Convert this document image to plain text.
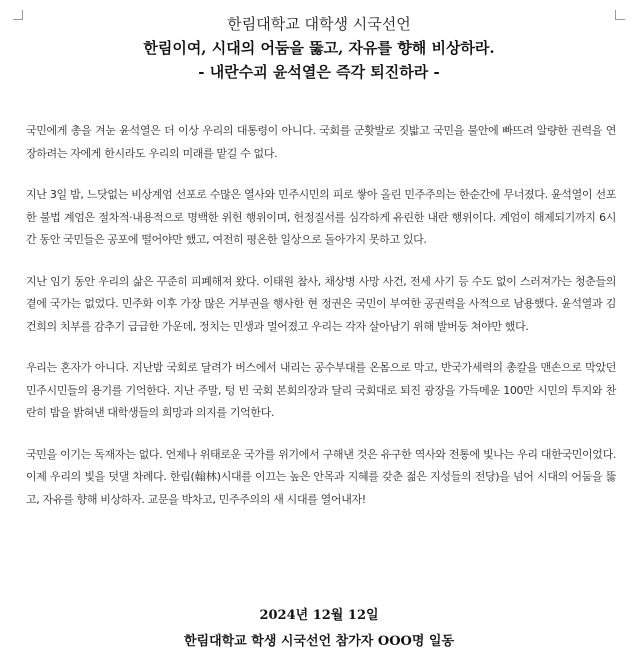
한림대학교 대학생 시국선언
한림이여, 시대의 어둠을 뚫고, 자유를 향해 비상하라.
- 내란수괴 윤석열은 즉각 퇴진하라 -

국민에게 총을 겨눈 윤석열은 더 이상 우리의 대통령이 아니다. 국회를 군홧발로 짓밟고 국민을 불안에 빠뜨려 알량한 권력을 연장하려는 자에게 한시라도 우리의 미래를 맡길 수 없다.

지난 3일 밤, 느닷없는 비상계엄 선포로 수많은 열사와 민주시민의 피로 쌓아 올린 민주주의는 한순간에 무너졌다. 윤석열이 선포한 불법 계엄은 절차적·내용적으로 명백한 위헌 행위이며, 헌정질서를 심각하게 유린한 내란 행위이다. 계엄이 해제되기까지 6시간 동안 국민들은 공포에 떨어야만 했고, 여전히 평온한 일상으로 돌아가지 못하고 있다.

지난 임기 동안 우리의 삶은 꾸준히 피폐해져 왔다. 이태원 참사, 채상병 사망 사건, 전세 사기 등 수도 없이 스러져가는 청춘들의 곁에 국가는 없었다. 민주화 이후 가장 많은 거부권을 행사한 현 정권은 국민이 부여한 공권력을 사적으로 남용했다. 윤석열과 김건희의 치부를 감추기 급급한 가운데, 정치는 민생과 멀어졌고 우리는 각자 살아남기 위해 발버둥 쳐야만 했다.

우리는 혼자가 아니다. 지난밤 국회로 달려가 버스에서 내리는 공수부대를 온몸으로 막고, 반국가세력의 총칼을 맨손으로 막았던 민주시민들의 용기를 기억한다. 지난 주말, 텅 빈 국회 본회의장과 달리 국회대로 퇴진 광장을 가득메운 100만 시민의 투지와 찬란히 밤을 밝혀낸 대학생들의 희망과 의지를 기억한다.

국민을 이기는 독재자는 없다. 언제나 위태로운 국가를 위기에서 구해낸 것은 유구한 역사와 전통에 빛나는 우리 대한국민이었다. 이제 우리의 빛을 덧댈 차례다. 한림(翰林)시대를 이끄는 높은 안목과 지혜를 갖춘 젊은 지성들의 전당)을 넘어 시대의 어둠을 뚫고, 자유를 향해 비상하자. 교문을 박차고, 민주주의의 새 시대를 열어내자!

2024년 12월 12일
한림대학교 학생 시국선언 참가자 OOO명 일동
